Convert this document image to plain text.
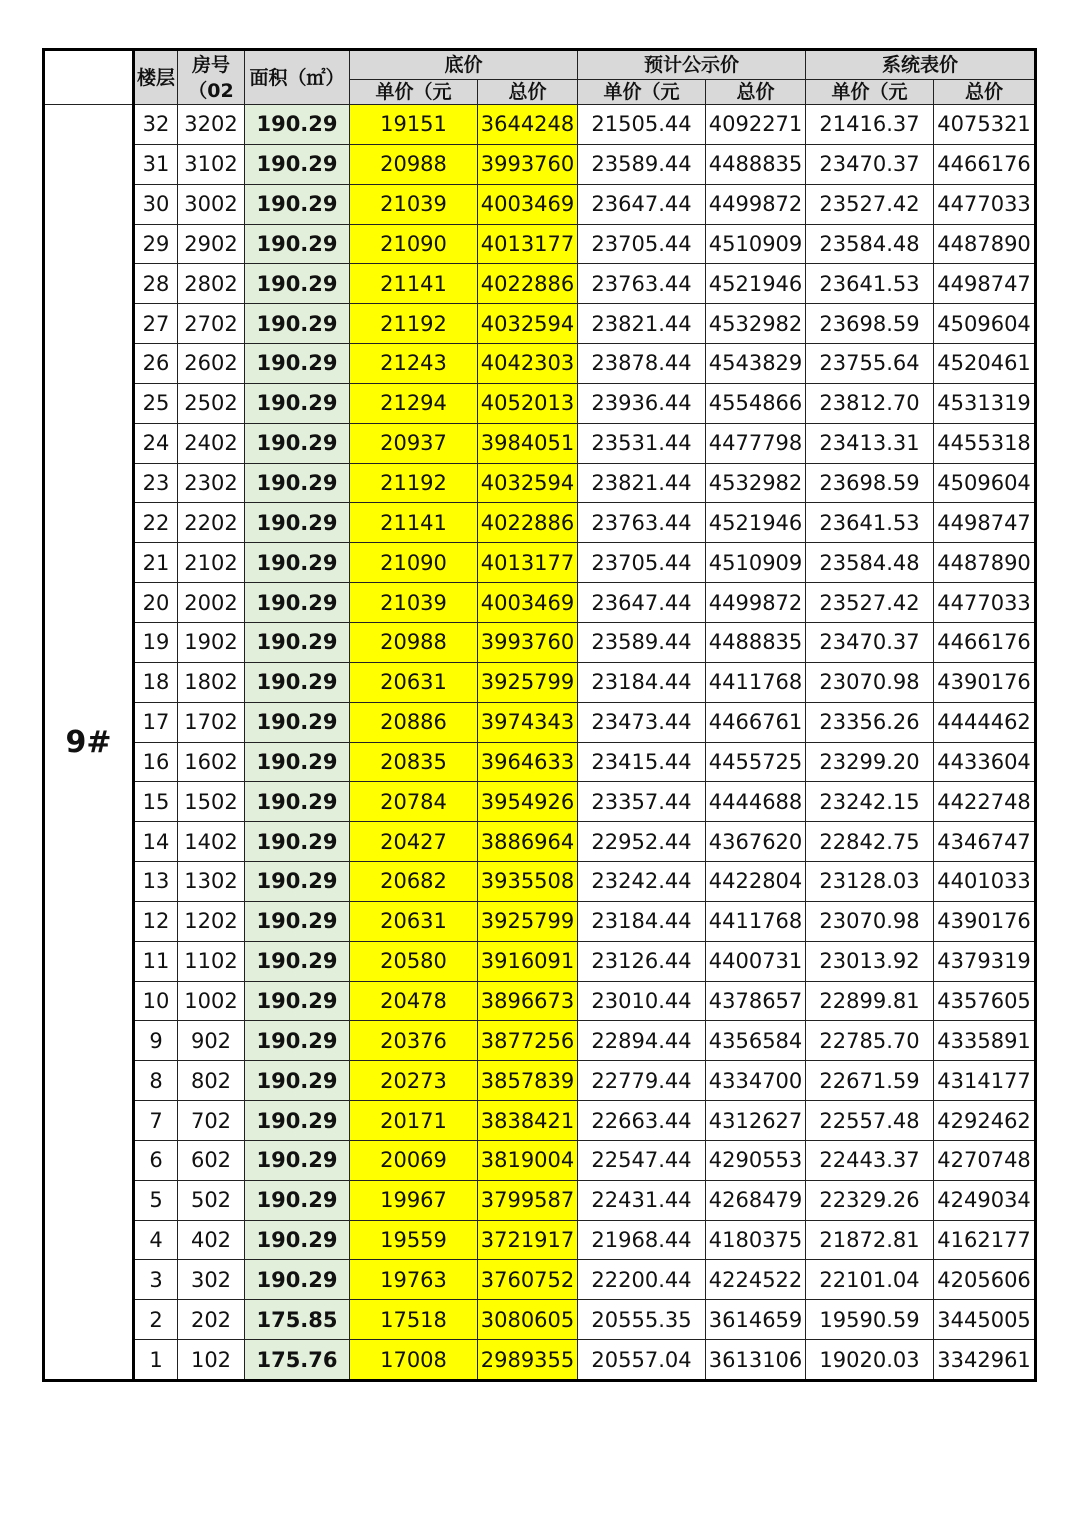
	楼层	房号（02	面积（㎡）	底价		预计公示价		系统表价	
				单价（元	总价	单价（元	总价	单价（元	总价
9#	32	3202	190.29	19151	3644248	21505.44	4092271	21416.37	4075321
	31	3102	190.29	20988	3993760	23589.44	4488835	23470.37	4466176
	30	3002	190.29	21039	4003469	23647.44	4499872	23527.42	4477033
	29	2902	190.29	21090	4013177	23705.44	4510909	23584.48	4487890
	28	2802	190.29	21141	4022886	23763.44	4521946	23641.53	4498747
	27	2702	190.29	21192	4032594	23821.44	4532982	23698.59	4509604
	26	2602	190.29	21243	4042303	23878.44	4543829	23755.64	4520461
	25	2502	190.29	21294	4052013	23936.44	4554866	23812.70	4531319
	24	2402	190.29	20937	3984051	23531.44	4477798	23413.31	4455318
	23	2302	190.29	21192	4032594	23821.44	4532982	23698.59	4509604
	22	2202	190.29	21141	4022886	23763.44	4521946	23641.53	4498747
	21	2102	190.29	21090	4013177	23705.44	4510909	23584.48	4487890
	20	2002	190.29	21039	4003469	23647.44	4499872	23527.42	4477033
	19	1902	190.29	20988	3993760	23589.44	4488835	23470.37	4466176
	18	1802	190.29	20631	3925799	23184.44	4411768	23070.98	4390176
	17	1702	190.29	20886	3974343	23473.44	4466761	23356.26	4444462
	16	1602	190.29	20835	3964633	23415.44	4455725	23299.20	4433604
	15	1502	190.29	20784	3954926	23357.44	4444688	23242.15	4422748
	14	1402	190.29	20427	3886964	22952.44	4367620	22842.75	4346747
	13	1302	190.29	20682	3935508	23242.44	4422804	23128.03	4401033
	12	1202	190.29	20631	3925799	23184.44	4411768	23070.98	4390176
	11	1102	190.29	20580	3916091	23126.44	4400731	23013.92	4379319
	10	1002	190.29	20478	3896673	23010.44	4378657	22899.81	4357605
	9	902	190.29	20376	3877256	22894.44	4356584	22785.70	4335891
	8	802	190.29	20273	3857839	22779.44	4334700	22671.59	4314177
	7	702	190.29	20171	3838421	22663.44	4312627	22557.48	4292462
	6	602	190.29	20069	3819004	22547.44	4290553	22443.37	4270748
	5	502	190.29	19967	3799587	22431.44	4268479	22329.26	4249034
	4	402	190.29	19559	3721917	21968.44	4180375	21872.81	4162177
	3	302	190.29	19763	3760752	22200.44	4224522	22101.04	4205606
	2	202	175.85	17518	3080605	20555.35	3614659	19590.59	3445005
	1	102	175.76	17008	2989355	20557.04	3613106	19020.03	3342961
